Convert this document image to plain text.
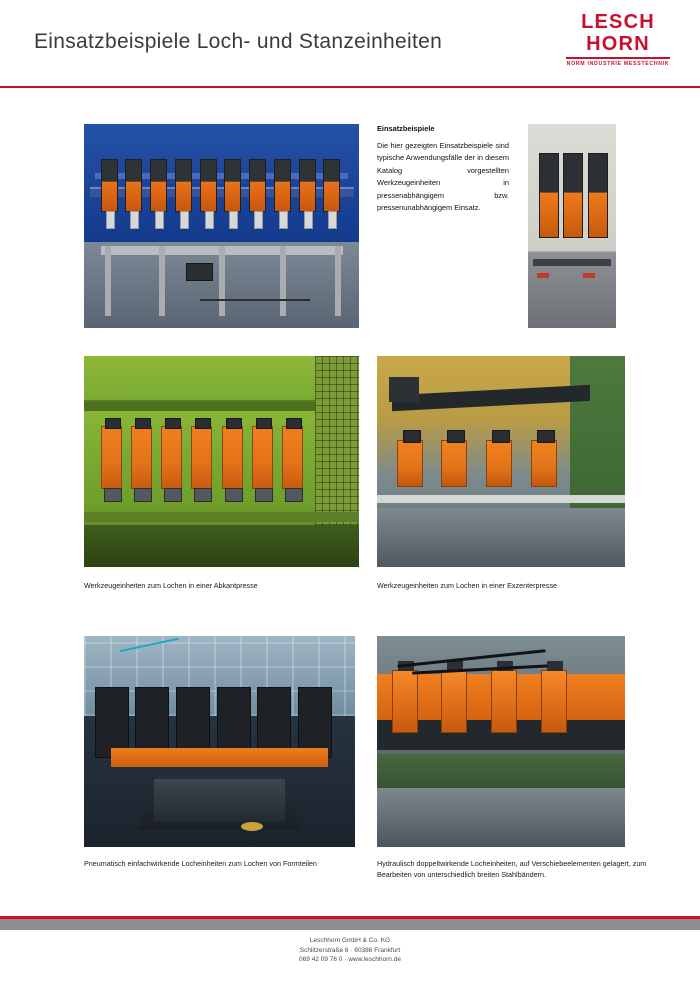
Einsatzbeispiele Loch- und Stanzeinheiten
LESCH
HORN
NORM INDUSTRIE MESSTECHNIK
Einsatzbeispiele

Die hier gezeigten Einsatzbeispiele sind typische Anwendungsfälle der in diesem Katalog vorgestellten Werkzeugeinheiten in pressenabhängigem bzw. pressenunabhängigem Einsatz.

Werkzeugeinheiten zum Lochen in einer Abkantpresse	Werkzeugeinheiten zum Lochen in einer Exzenterpresse
Pneumatisch einfachwirkende Locheinheiten zum Lochen von Formteilen	Hydraulisch doppeltwirkende Locheinheiten, auf Verschiebeelementen gelagert, zum Bearbeiten von unterschiedlich breiten Stahlbändern.
Leschhorn GmbH & Co. KG
Schlitzerstraße 6 · 60386 Frankfurt
069 42 09 76 0 · www.leschhorn.de
